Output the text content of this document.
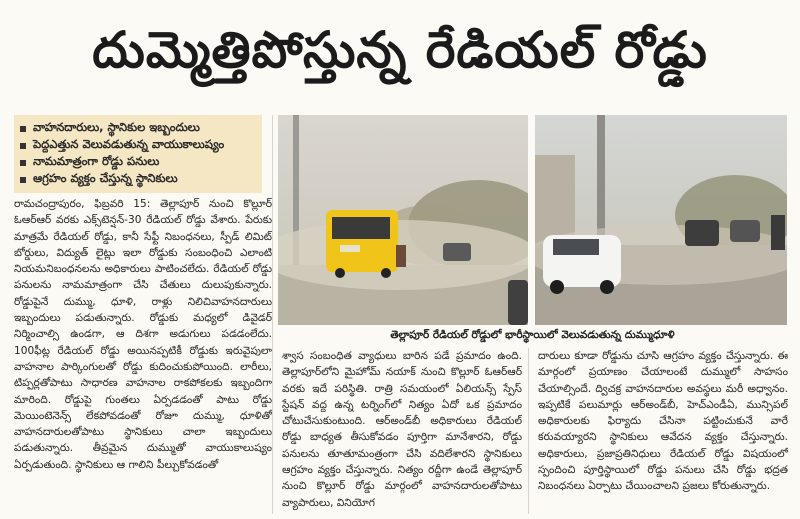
దుమ్మెత్తిపోస్తున్న రేడియల్ రోడ్డు
వాహనదారులు, స్థానికుల ఇబ్బందులు
పెద్దఎత్తున వెలువడుతున్న వాయుకాలుష్యం
నామమాత్రంగా రోడ్డు పనులు
ఆగ్రహం వ్యక్తం చేస్తున్న స్థానికులు
తెల్లాపూర్ రేడియల్ రోడ్డులో భారీస్థాయిలో వెలువడుతున్న దుమ్ముధూళి
రామచంద్రాపురం, ఫిబ్రవరి 15: తెల్లాపూర్ నుంచి కొల్లూర్ ఓఆర్ఆర్ వరకు ఎక్స్‌టెన్షన్-30 రేడియల్ రోడ్డు వేశారు. పేరుకు మాత్రమే రేడియల్ రోడ్డు, కానీ సేఫ్టీ నిబంధనలు, స్పీడ్ లిమిట్ బోర్డులు, విద్యుత్ లైట్లు ఇలా రోడ్డుకు సంబంధించి ఎలాంటి నియమనిబంధనలను అధికారులు పాటించలేదు. రేడియల్ రోడ్డు పనులను నామమాత్రంగా చేసి చేతులు దులుపుకున్నారు. రోడ్డుపైనే దుమ్ము, ధూళి, రాళ్లు నిలిచివాహనదారులు ఇబ్బందులు పడుతున్నారు. రోడ్డుకు మధ్యలో డివైడర్ నిర్మించాల్సి ఉండగా, ఆ దిశగా అడుగులు పడడంలేదు. 100ఫీట్ల రేడియల్ రోడ్డు అయినప్పటికీ రోడ్డుకు ఇరువైపులా వాహనాల పార్కింగులతో రోడ్డు కుదించుకుపోయింది. లారీలు, టిప్పర్లతోపాటు సాధారణ వాహనాల రాకపోకలకు ఇబ్బందిగా మారింది. రోడ్డుపై గుంతలు ఏర్పడడంతో పాటు రోడ్డు మెయింటెనెన్స్ లేకపోవడంతో రోజూ దుమ్ము, ధూళితో వాహనదారులతోపాటు స్థానికులు చాలా ఇబ్బందులు పడుతున్నారు. తీవ్రమైన దుమ్ముతో వాయుకాలుష్యం ఏర్పడుతుంది. స్థానికులు ఆ గాలిని పీల్చుకోవడంతో
శ్వాస సంబంధిత వ్యాధులు బారిన పడే ప్రమాదం ఉంది. తెల్లాపూర్‌లోని మైహోమ్ నయాక్ నుంచి కొల్లూర్ ఓఆర్ఆర్ వరకు ఇదే పరిస్థితి. రాత్రి సమయంలో ఏలియన్స్ స్పేస్ స్టేషన్ వద్ద ఉన్న టర్నింగ్‌లో నిత్యం ఏదో ఒక ప్రమాదం చోటుచేసుకుంటుంది. ఆర్అండ్‌బీ అధికారులు రేడియల్ రోడ్డు బాధ్యత తీసుకోవడం పూర్తిగా మానేశారని, రోడ్డు పనులను తూతూమంత్రంగా చేసి వదిలేశారని స్థానికులు ఆగ్రహం వ్యక్తం చేస్తున్నారు. నిత్యం రద్దీగా ఉండే తెల్లాపూర్ నుంచి కొల్లూర్ రోడ్డు మార్గంలో వాహనదారులతోపాటు వ్యాపారులు, వినియోగ
దారులు కూడా రోడ్డును చూసి ఆగ్రహం వ్యక్తం చేస్తున్నారు. ఈ మార్గంలో ప్రయాణం చేయాలంటే దుమ్ములో సాహసం చేయాల్సిందే. ద్విచక్ర వాహనదారుల అవస్థలు మరీ అధ్వానం. ఇప్పటికే పలుమార్లు ఆర్అండ్‌బీ, హెచ్ఎండీఏ, మున్సిపల్ అధికారులకు ఫిర్యాదు చేసినా పట్టించుకునే వారే కరువయ్యారని స్థానికులు ఆవేదన వ్యక్తం చేస్తున్నారు. అధికారులు, ప్రజాప్రతినిధులు రేడియల్ రోడ్డు విషయంలో స్పందించి పూర్తిస్థాయిలో రోడ్డు పనులు చేసి రోడ్డు భద్రత నిబంధనలు ఏర్పాటు చేయించాలని ప్రజలు కోరుతున్నారు.
